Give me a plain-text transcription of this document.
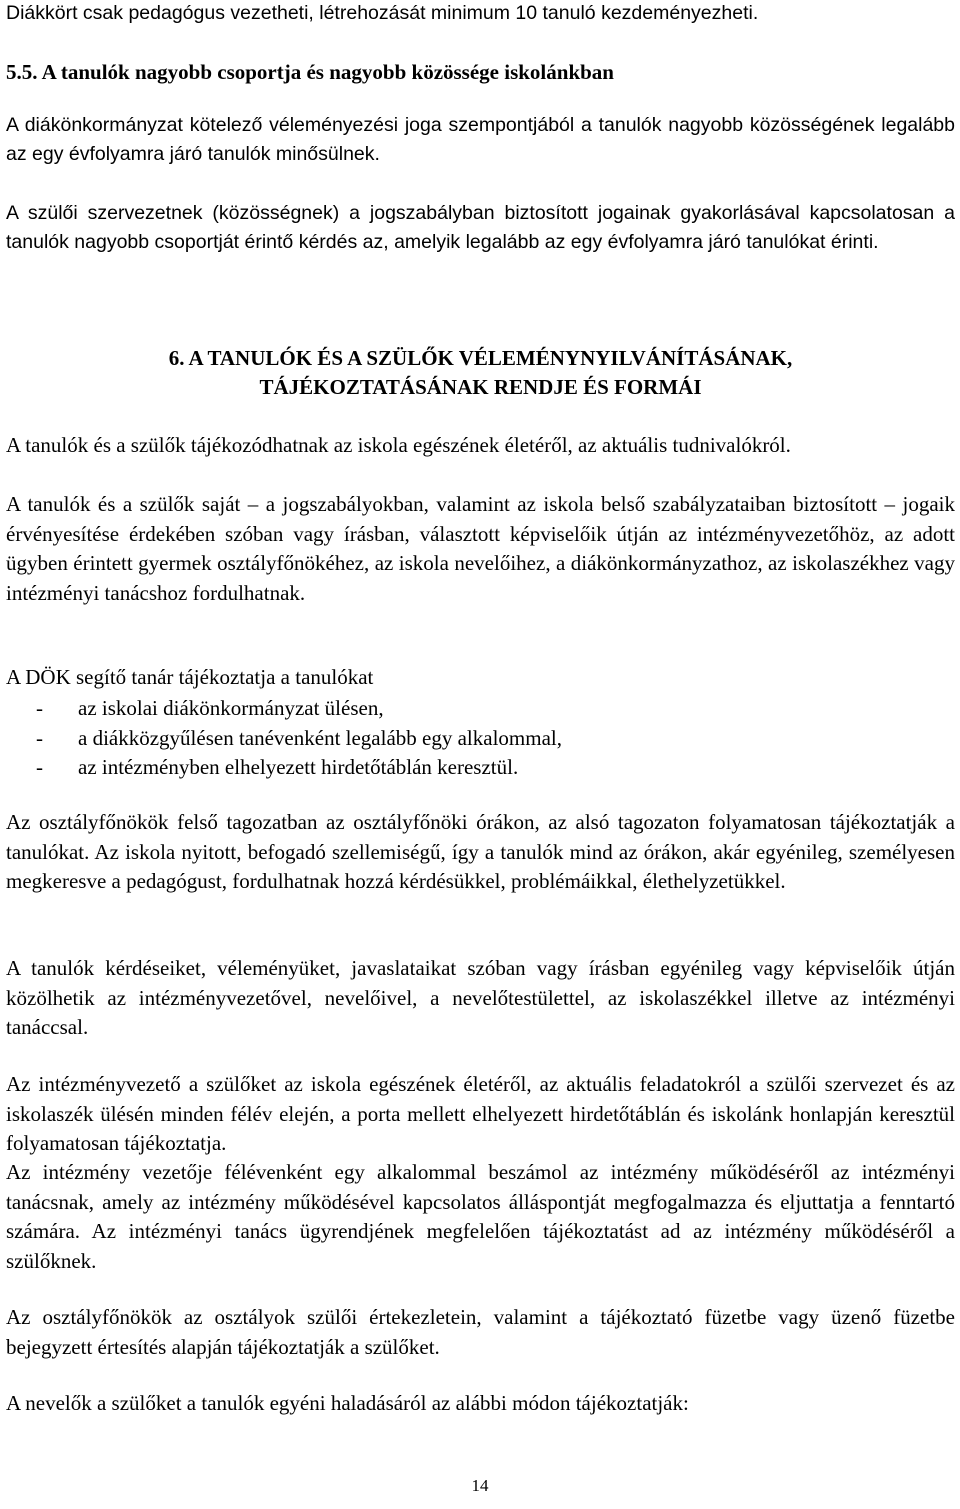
Diákkört csak pedagógus vezetheti, létrehozását minimum 10 tanuló kezdeményezheti.

5.5. A tanulók nagyobb csoportja és nagyobb közössége iskolánkban

A diákönkormányzat kötelező véleményezési joga szempontjából a tanulók nagyobb közösségének legalább az egy évfolyamra járó tanulók minősülnek.

A szülői szervezetnek (közösségnek) a jogszabályban biztosított jogainak gyakorlásával kapcsolatosan a tanulók nagyobb csoportját érintő kérdés az, amelyik legalább az egy évfolyamra járó tanulókat érinti.

6. A TANULÓK ÉS A SZÜLŐK VÉLEMÉNYNYILVÁNÍTÁSÁNAK,

TÁJÉKOZTATÁSÁNAK RENDJE ÉS FORMÁI

A tanulók és a szülők tájékozódhatnak az iskola egészének életéről, az aktuális tudnivalókról.

A tanulók és a szülők saját – a jogszabályokban, valamint az iskola belső szabályzataiban biztosított – jogaik érvényesítése érdekében szóban vagy írásban, választott képviselőik útján az intézményvezetőhöz, az adott ügyben érintett gyermek osztályfőnökéhez, az iskola nevelőihez, a diákönkormányzathoz, az iskolaszékhez vagy intézményi tanácshoz fordulhatnak.

A DÖK segítő tanár tájékoztatja a tanulókat

- az iskolai diákönkormányzat ülésen,
- a diákközgyűlésen tanévenként legalább egy alkalommal,
- az intézményben elhelyezett hirdetőtáblán keresztül.

Az osztályfőnökök felső tagozatban az osztályfőnöki órákon, az alsó tagozaton folyamatosan tájékoztatják a tanulókat. Az iskola nyitott, befogadó szellemiségű, így a tanulók mind az órákon, akár egyénileg, személyesen megkeresve a pedagógust, fordulhatnak hozzá kérdésükkel, problémáikkal, élethelyzetükkel.

A tanulók kérdéseiket, véleményüket, javaslataikat szóban vagy írásban egyénileg vagy képviselőik útján közölhetik az intézményvezetővel, nevelőivel, a nevelőtestülettel, az iskolaszékkel illetve az intézményi tanáccsal.

Az intézményvezető a szülőket az iskola egészének életéről, az aktuális feladatokról a szülői szervezet és az iskolaszék ülésén minden félév elején, a porta mellett elhelyezett hirdetőtáblán és iskolánk honlapján keresztül folyamatosan tájékoztatja.

Az intézmény vezetője félévenként egy alkalommal beszámol az intézmény működéséről az intézményi tanácsnak, amely az intézmény működésével kapcsolatos álláspontját megfogalmazza és eljuttatja a fenntartó számára. Az intézményi tanács ügyrendjének megfelelően tájékoztatást ad az intézmény működéséről a szülőknek.

Az osztályfőnökök az osztályok szülői értekezletein, valamint a tájékoztató füzetbe vagy üzenő füzetbe bejegyzett értesítés alapján tájékoztatják a szülőket.

A nevelők a szülőket a tanulók egyéni haladásáról az alábbi módon tájékoztatják:

14
